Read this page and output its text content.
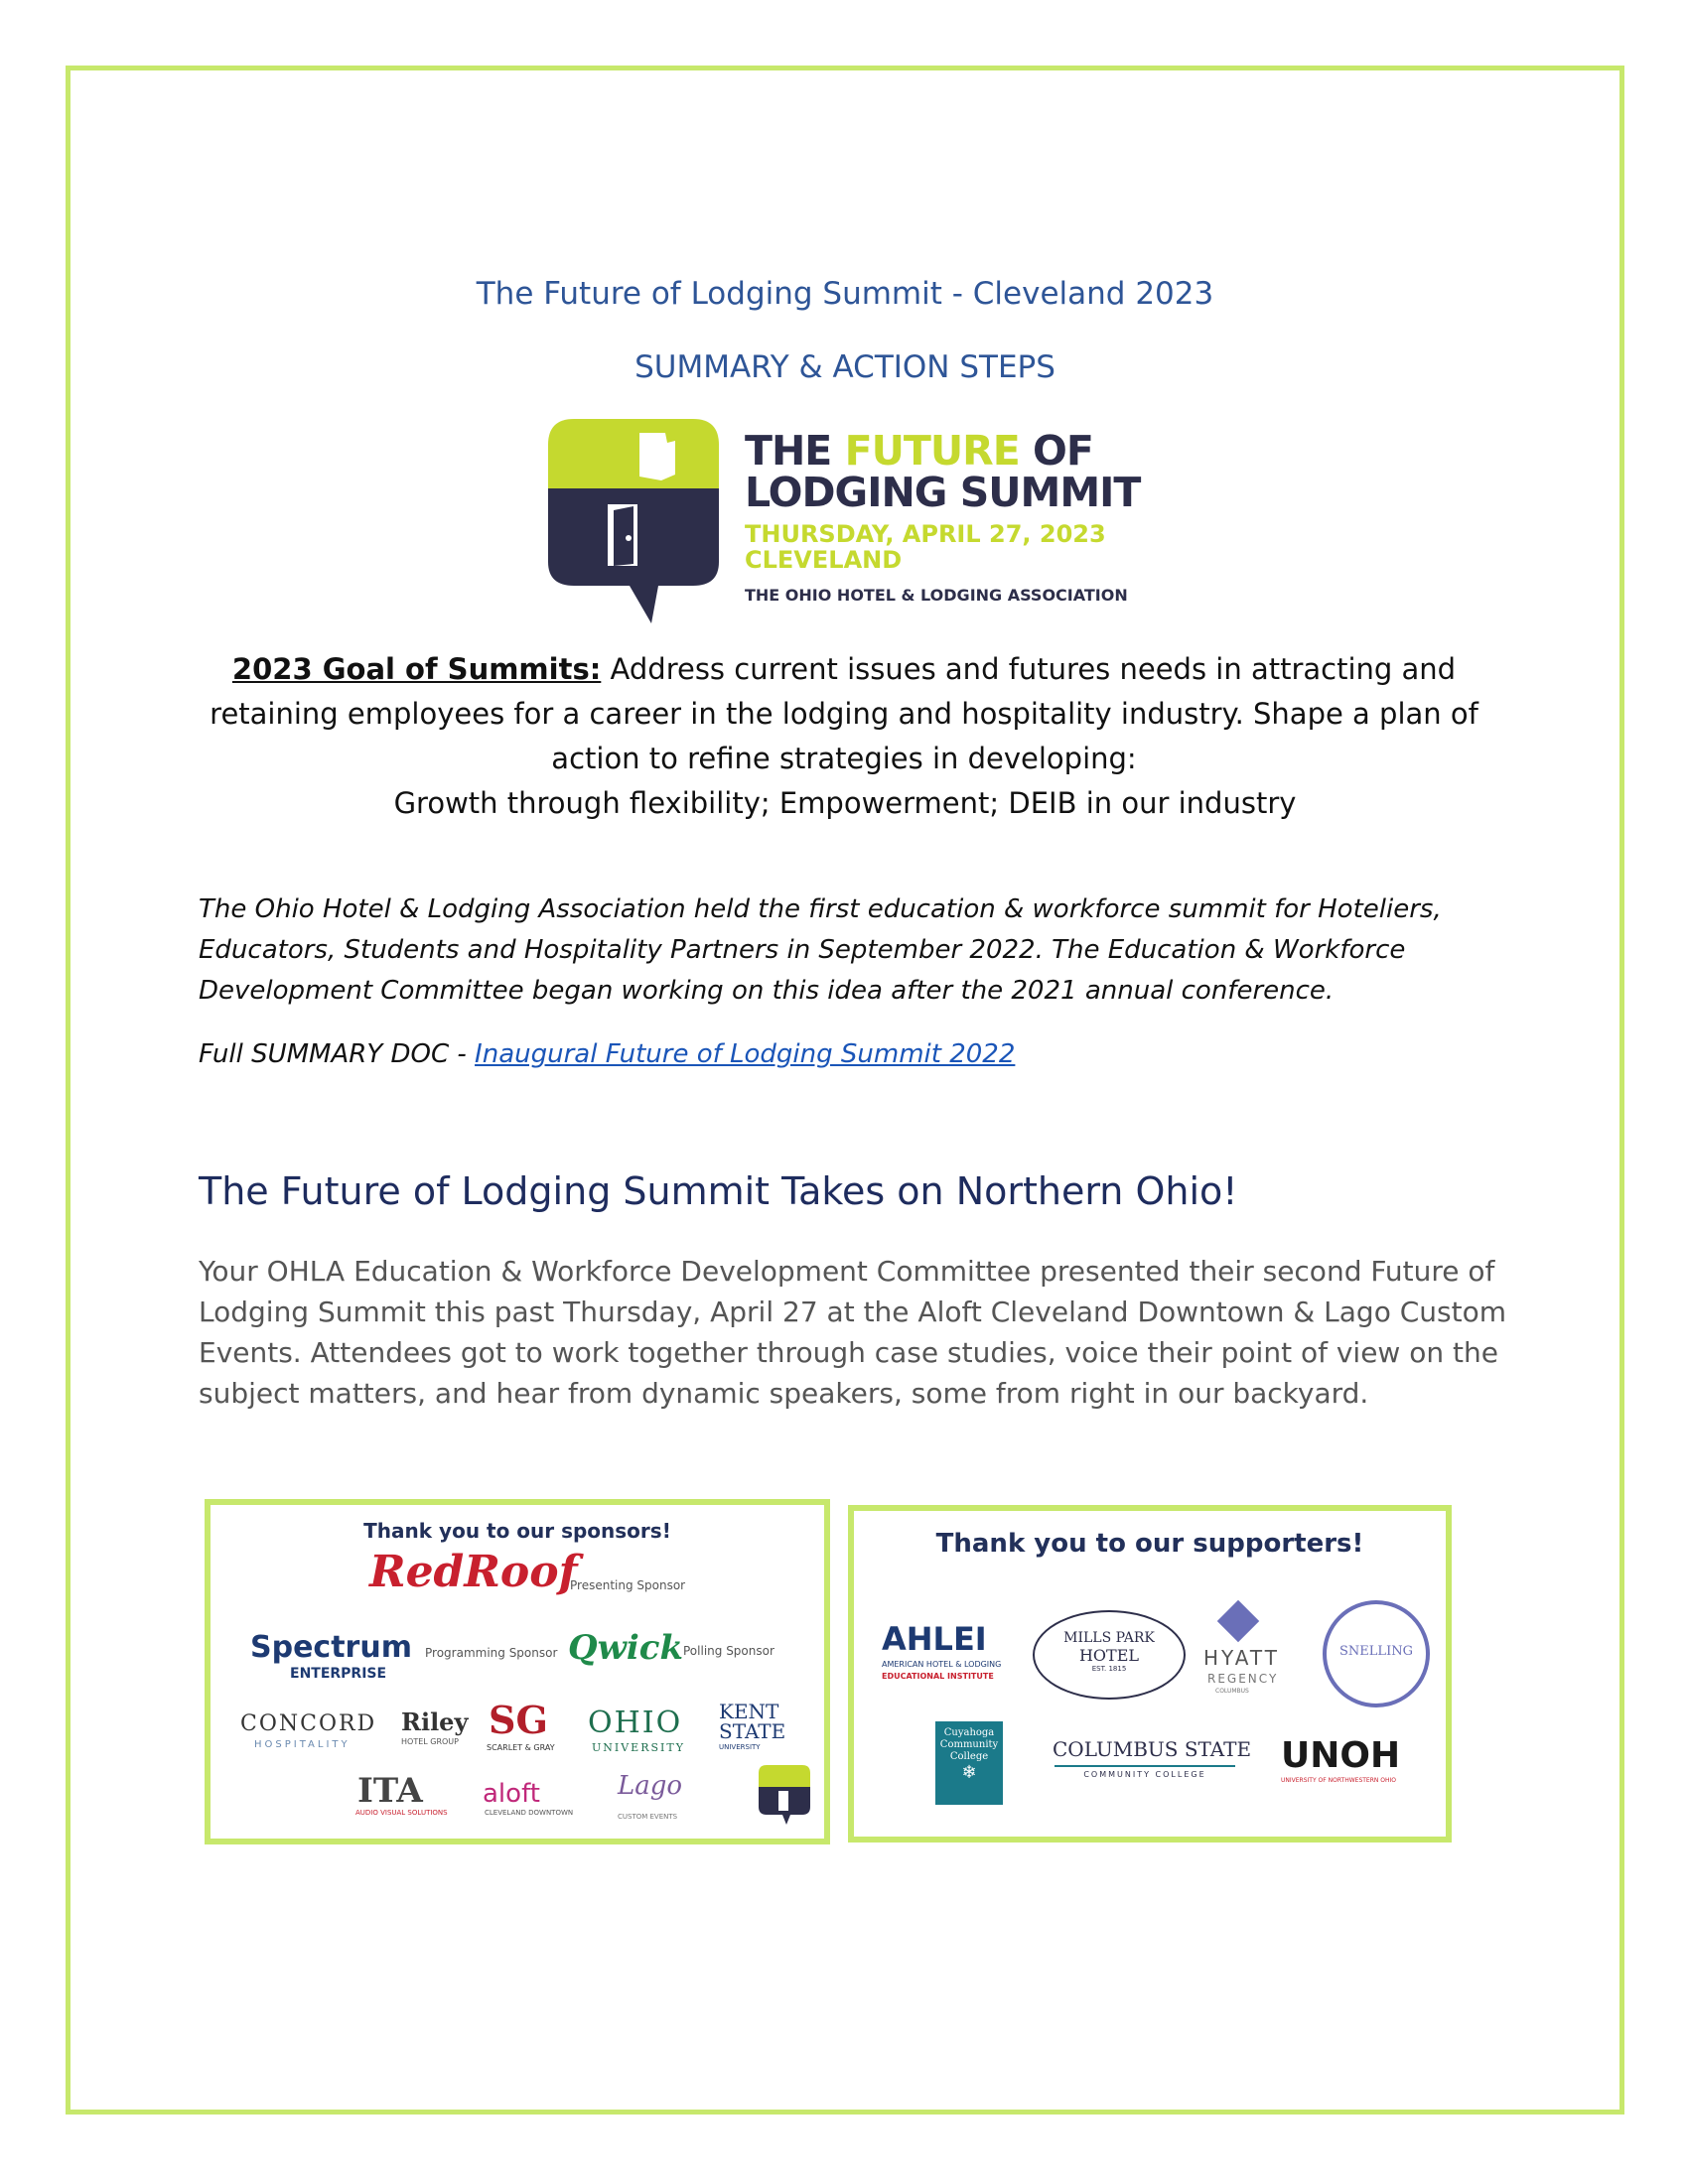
The Future of Lodging Summit - Cleveland 2023
SUMMARY & ACTION STEPS
THE FUTURE OF
LODGING SUMMIT
THURSDAY, APRIL 27, 2023
CLEVELAND
THE OHIO HOTEL & LODGING ASSOCIATION
2023 Goal of Summits: Address current issues and futures needs in attracting and retaining employees for a career in the lodging and hospitality industry. Shape a plan of action to refine strategies in developing:
Growth through flexibility; Empowerment; DEIB in our industry
The Ohio Hotel & Lodging Association held the first education & workforce summit for Hoteliers,
Educators, Students and Hospitality Partners in September 2022. The Education & Workforce
Development Committee began working on this idea after the 2021 annual conference.
Full SUMMARY DOC - Inaugural Future of Lodging Summit 2022
The Future of Lodging Summit Takes on Northern Ohio!
Your OHLA Education & Workforce Development Committee presented their second Future of
Lodging Summit this past Thursday, April 27 at the Aloft Cleveland Downtown & Lago Custom
Events. Attendees got to work together through case studies, voice their point of view on the
subject matters, and hear from dynamic speakers, some from right in our backyard.
Thank you to our sponsors!
RedRoof
Presenting Sponsor
Spectrum
ENTERPRISE
Programming Sponsor Qwick Polling Sponsor
CONCORD
HOSPITALITY
Riley
HOTEL GROUP SG
SCARLET & GRAY
OHIO
UNIVERSITY
KENT
STATE
UNIVERSITY
ITA
AUDIO VISUAL SOLUTIONS
aloft
CLEVELAND DOWNTOWN
Lago
CUSTOM EVENTS
Thank you to our supporters!
AHLEI
AMERICAN HOTEL & LODGING
EDUCATIONAL INSTITUTE
MILLS PARK
HOTEL
EST. 1815	HYATT
REGENCY
COLUMBUS
SNELLING
Cuyahoga
Community
College
❄
COLUMBUS STATE
COMMUNITY COLLEGE	UNOH
UNIVERSITY OF NORTHWESTERN OHIO
